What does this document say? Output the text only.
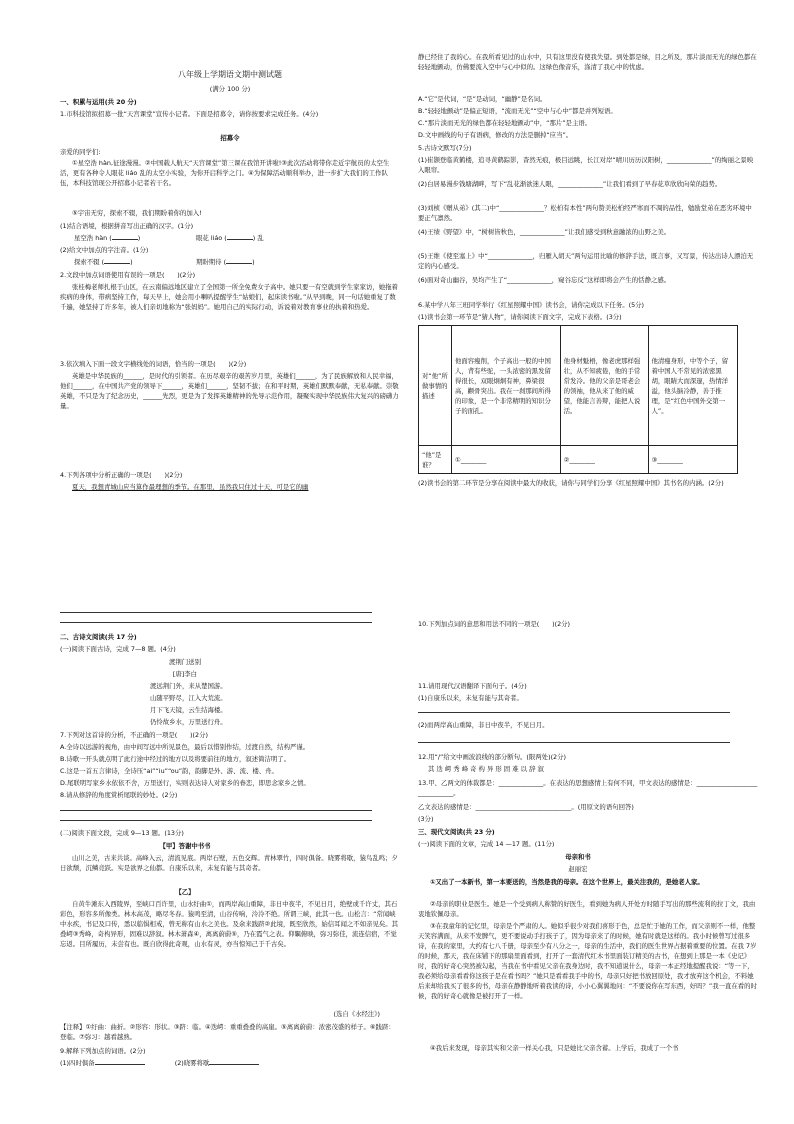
八年级上学期语文期中测试题
(满分 100 分)
一、积累与运用(共 20 分)
1.市科技馆拟招募一批“天宫课堂”宣传小记者。下面是招募令，请你按要求完成任务。(4分)
招募令
亲爱的同学们:
①星空浩 hàn,征途漫漫。②中国载人航天“天宫课堂”第三课在我馆开讲啦!③此次活动将带你走近宇航员的太空生活，更有各种令人眼花 liáo 乱的太空小实验，为你开启科学之门。④为保障活动顺利举办，进一步扩大我们的工作队伍，本科技馆现公开招募小记者若干名。
⑤宇宙无穷，探索不辍，我们期盼着你的加入!
(1)结合语境，根据拼音写出正确的汉字。(1分)
星空浩 hàn (	)	眼花 liáo (	) 乱
(2)给文中加点的字注音。(1分)
探索不辍 (	)	期盼期待 (	)
2.文段中加点词语使用有误的一项是(　　)(2分)
张桂梅老师扎根于山区，在云南偏远地区建立了全国第一所全免费女子高中。她只要一有空就到学生家家访，她拖着疾病的身体，带病坚持工作，每天早上，她会用小喇叭提醒学生“姑娘们，起床读书啦。”从早到晚，同一句话她重复了数千遍，她坚持了许多年，被人们亲切地称为“张妈妈”。她用自己的实际行动，诉说着对教育事业的执着和热爱。
3.依次填入下面一段文字横线处的词语，恰当的一项是(　　)(2分)
英雄是中华民族的______，是时代的引领者。在历尽艰辛的艰苦岁月里，英雄们______，为了民族解放和人民幸福，他们______，在中国共产党的领导下______，英雄们______，坚韧不拔；在和平时期，英雄们默默奉献，无私奉献。崇敬英雄，不只是为了纪念历史，______先烈，更是为了发挥英雄精神的先导示范作用，凝聚实现中华民族伟大复兴的磅礴力量。
4.下列各项中分析正确的一项是(　　)(2分)
夏天，我想青城山应当算作最理想的季节。在那里，虽然我只住过十天，可是它的幽
二、古诗文阅读(共 17 分)
(一)阅读下面古诗，完成 7—8 题。(4分)
渡荆门送别
[唐]李白
渡远荆门外，来从楚国游。
山随平野尽，江入大荒流。
月下飞天镜，云生结海楼。
仍怜故乡水，万里送行舟。
7.下列对这首诗的分析，不正确的一项是(　　)(2分)
A.全诗以远游的视角，由中间写远中所见景色，最后以惜别作结，过渡自然，结构严谨。
B.诗歌一开头就点明了此行途中经过的地方以及将要前往的地方，叙述简洁明了。
C.这是一首五言律诗，全诗压“ai”“iu”“ou”韵，韵脚是外、游、流、楼、舟。
D.尾联明写家乡水依依不舍，万里送行，实则表达诗人对家乡的眷恋，即思念家乡之情。
8.请从修辞的角度赏析尾联的妙处。(2分)
(二)阅读下面文段，完成 9—13 题。(13分)
【甲】答谢中书书
山川之美，古来共谈。高峰入云，清流见底。两岸石壁，五色交辉。青林翠竹，四时俱备。晓雾将歇，猿鸟乱鸣；夕日欲颓，沉鳞竞跃。实是欲界之仙都。自康乐以来，未复有能与其奇者。
【乙】
自黄牛滩东入西陵界，至峡口百许里，山水纡曲①，而两岸高山重障，非日中夜半，不见日月，绝壁或千许丈，其石彩色，形容多所像类。林木高茂，略尽冬春。猿鸣至清，山谷传响，泠泠不绝。所谓三峡，此其一也。山松言：“常闻峡中水疾，书记及口传，悉以临惧相戒，曾无称有山水之美也。及余来践跻②此境，既至欣然，始信耳闻之不如亲见矣。其叠崿③秀峰，奇构异形，固难以辞叙。林木萧森④，离离蔚蔚⑤，乃在霞气之表。仰瞩俯映，弥习弥佳，流连信宿，不觉忘返。目所履历，未尝有也。既自欣得此奇观，山水有灵，亦当惊知己于千古矣。
(选自《水经注》)
【注释】①纡曲：曲折。②形容：形状。③跻：临。④迭崿：重重叠叠的高崖。⑤离离蔚蔚：浓密茂盛的样子。⑥践跻：登临。⑦弥习：越看越熟。
9.解释下列加点的词语。(2分)
(1)四时俱备	(2)晓雾将歇
静已经住了我的心。在我所看见过的山水中，只有这里没有使我失望。到处都是绿，目之所及，那片淡而无光的绿色都在轻轻地颤动，仿佛要流入空中与心中似的。这绿色像音乐，涤清了我心中的忧虑。
A.“它”是代词，“是”是动词，“幽静”是名词。
B.“轻轻地颤动”是偏正短语，“流而无光”“空中与心中”都是并列短语。
C.“那片淡而无光的绿色都在轻轻地颤动”中，“那片”是主语。
D.文中画线的句子有语病，修改的方法是删掉“应当”。
5.古诗文默写(7分)
(1)崔颢登临黄鹤楼，追寻黄鹤踪影，杳然无痕，极目远眺，长江对岸“晴川历历汉阳树，______________”的绚丽之景映入眼帘。
(2)白居易漫步钱塘湖畔，写下“乱花渐欲迷人眼，______________”让我们看到了早春花草欣欣向荣的趋势。
(3)刘桢《赠从弟》(其二)中“______________？松柏有本性”两句赞美松柏经严寒而不凋的品性，勉励堂弟在恶劣环境中要正气凛然。
(4)王绩《野望》中，“树树皆秋色，______________”让我们感受到秋意融浓的山野之美。
(5)王维《使至塞上》中“______________，归雁入胡天”两句运用比喻的修辞手法，既言事，又写景，传达出诗人漂泊无定的内心感受。
(6)面对奇山幽谷，吴均产生了“______________，窥谷忘反”这样即将会产生的恬静之感。
6.某中学八年三班同学举行《红星照耀中国》读书会，请你完成以下任务。(5分)
(1)读书会第一环节是“猜人物”，请你阅读下面文字，完成下表格。(3分)
对“他”所做事情的描述	他面容瘦削，个子高出一般的中国人，背有些驼，一头浓密的黑发留得很长，双眼炯炯有神，鼻梁很高，颧骨突出。我在一刹那间所得的印象，是一个非常精明的知识分子的面孔。	他身材魁梧，像老虎那样强壮，从不知疲倦，他的手常常发冷。他的父亲是哥老会的领袖，他从来了他的威望，他能言善辩，能把人说活。	他清瘦身形，中等个子，留着中国人不常见的浓密黑胡，眼睛大而深邃，热情洋溢，他头脑冷静，善于推理，是“红色中国外交第一人”。
“他”是谁？	①________	②________	③________
(2)读书会的第二环节是分享在阅读中最大的收获，请你与同学们分享《红星照耀中国》其书名的内涵。(2分)
10.下列加点词的意思和用法不同的一项是(　　)(2分)
11.请用现代汉语翻译下面句子。(4分)
(1)自康乐以来，未复有能与其奇者。
(2)而两岸高山重障，非日中夜半，不见日月。
12.用“/”给文中画波浪线的部分断句。(限两处)(2分)
其 迭 崿 秀 峰 奇 构 异 形 固 难 以 辞 叙
13.甲、乙两文的体裁都是：______________。在表达的思想感情上有何不同，甲文表达的感情是：______________________________。
乙文表达的感情是：______________________________。(用原文的语句回答)
(3分)
三、现代文阅读(共 23 分)
(一)阅读下面的文章，完成 14 —17 题。(11分)
母亲和书
赵丽宏
①又出了一本新书，第一本要送的，当然是我的母亲。在这个世界上，最关注我的，是她老人家。
②母亲的职业是医生。她是一个受到病人称赞的好医生，看到她为病人开处方时随手写出的那些流利的拉丁文，我由衷地钦佩母亲。
③在我童年的记忆里，母亲是个严肃的人。她似乎很少对我们喜形于色，总是忙于她的工作，而父亲则不一样，他整天笑容满面，从来不发脾气，更不要说动手打孩子了，因为母亲来了的时候，她有时就是这样的。我小时候曾写过很多诗，在我的家里，大约有七八千册，母亲至少有八分之一，母亲的生活中，我们的医生世界占据着重要的位置。在我 7岁的时候，那天，我在床铺下的那扇里面看到，打开了一套清代红木书里面装订精美的古书，在想到上那是一本《史记》时，我的好奇心突然被勾起，当我在书中看见父亲在我身边时，我不知道说什么，母亲一本正经地提醒我说：“等一下，我必须给母亲看看你这孩子是在看书吗？”她只是看看我手中的书，母亲只好把书放回原处，我才放弃这个机会，不料她后来却给我买了很多的书，母亲在静静地听着我读的诗，小小心翼翼地问：“不要说你在写东西，好吗？”我一直在看的时候，我的好奇心就像是被打开了一样。
④我后来发现，母亲其实和父亲一样关心我，只是她比父亲含蓄。上学后，我成了一个书
